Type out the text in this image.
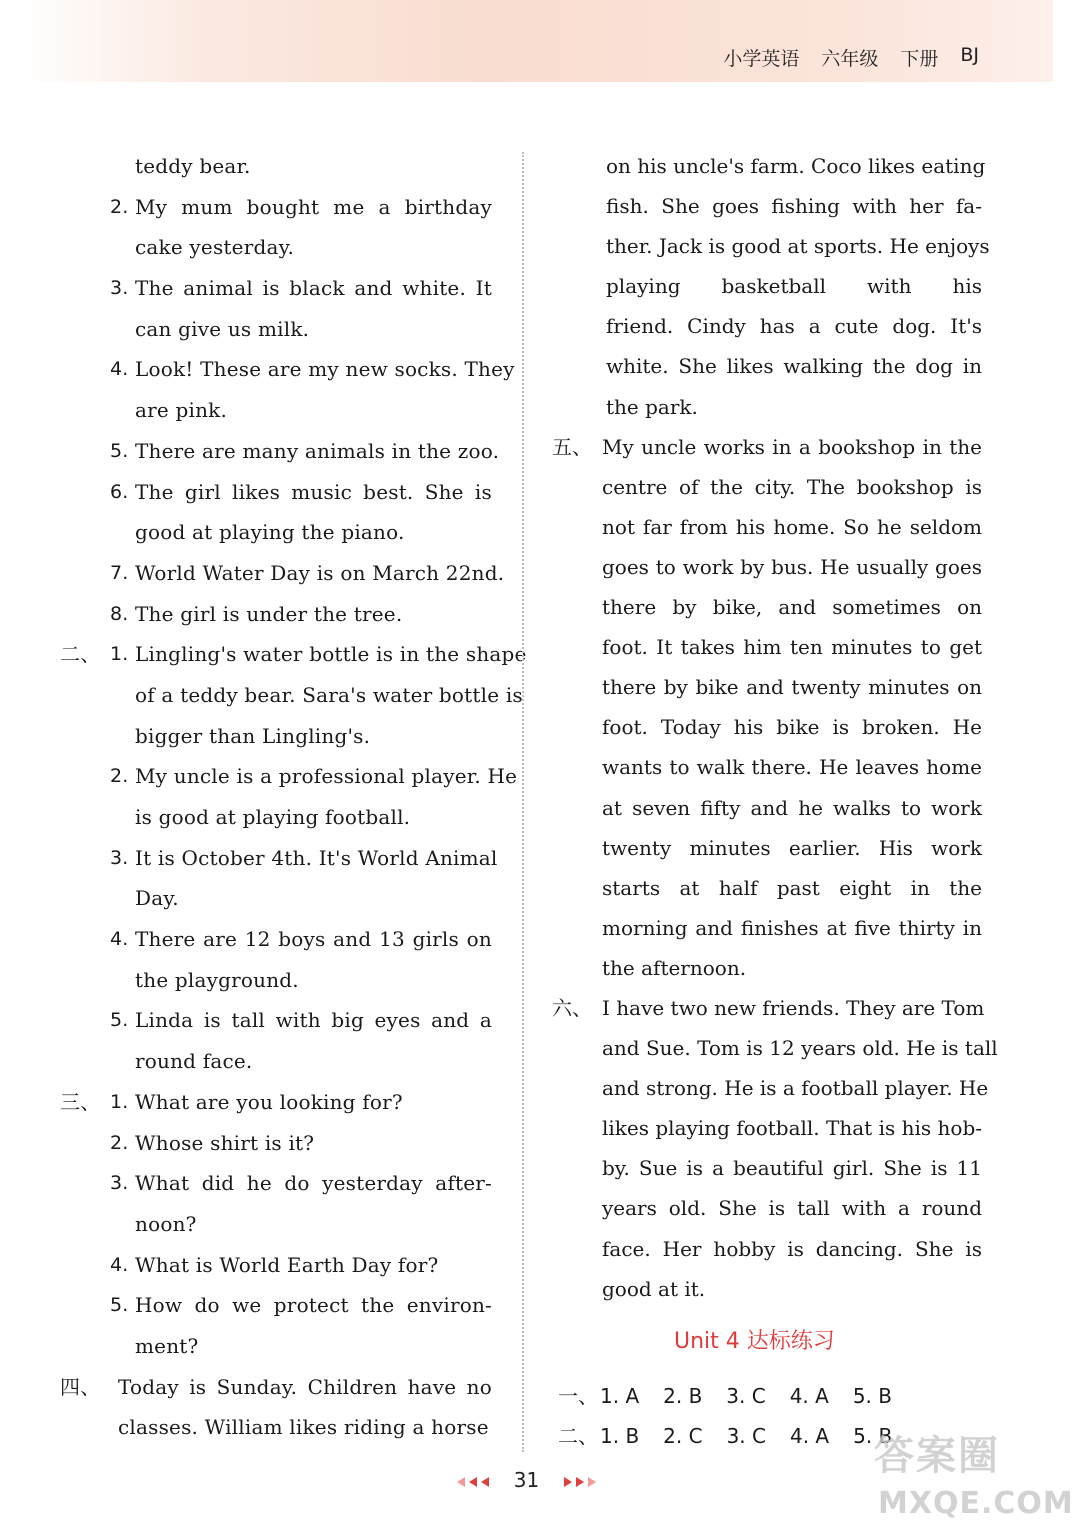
小学英语 六年级 下册 BJ
teddy bear.
2. My mum bought me a birthday
cake yesterday.
3. The animal is black and white. It
can give us milk.
4. Look! These are my new socks. They
are pink.
5. There are many animals in the zoo.
6. The girl likes music best. She is
good at playing the piano.
7. World Water Day is on March 22nd.
8. The girl is under the tree.
二、 1. Lingling's water bottle is in the shape
of a teddy bear. Sara's water bottle is
bigger than Lingling's.
2. My uncle is a professional player. He
is good at playing football.
3. It is October 4th. It's World Animal
Day.
4. There are 12 boys and 13 girls on
the playground.
5. Linda is tall with big eyes and a
round face.
三、 1. What are you looking for?
2. Whose shirt is it?
3. What did he do yesterday after-
noon?
4. What is World Earth Day for?
5. How do we protect the environ-
ment?
四、 Today is Sunday. Children have no
classes. William likes riding a horse
on his uncle's farm. Coco likes eating
fish. She goes fishing with her fa-
ther. Jack is good at sports. He enjoys
playing basketball with his
friend. Cindy has a cute dog. It's
white. She likes walking the dog in
the park.
五、 My uncle works in a bookshop in the
centre of the city. The bookshop is
not far from his home. So he seldom
goes to work by bus. He usually goes
there by bike, and sometimes on
foot. It takes him ten minutes to get
there by bike and twenty minutes on
foot. Today his bike is broken. He
wants to walk there. He leaves home
at seven fifty and he walks to work
twenty minutes earlier. His work
starts at half past eight in the
morning and finishes at five thirty in
the afternoon.
六、 I have two new friends. They are Tom
and Sue. Tom is 12 years old. He is tall
and strong. He is a football player. He
likes playing football. That is his hob-
by. Sue is a beautiful girl. She is 11
years old. She is tall with a round
face. Her hobby is dancing. She is
good at it.
Unit 4 达标练习
一、 1. A 2. B 3. C 4. A 5. B
二、 1. B 2. C 3. C 4. A 5. B
31
答案圈
MXQE.COM
